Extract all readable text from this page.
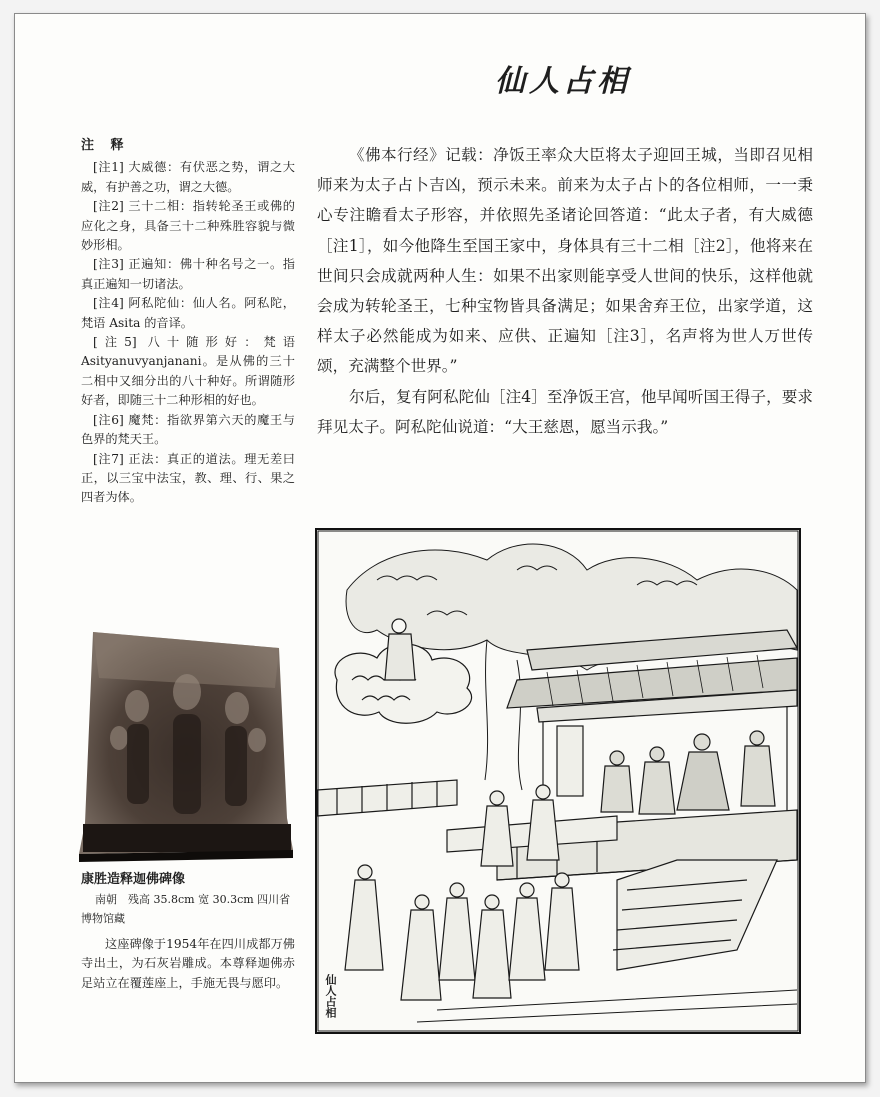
仙人占相
注 释

[注1] 大威德：有伏恶之势，谓之大威，有护善之功，谓之大德。

[注2] 三十二相：指转轮圣王或佛的应化之身，具备三十二种殊胜容貌与微妙形相。

[注3] 正遍知：佛十种名号之一。指真正遍知一切诸法。

[注4] 阿私陀仙：仙人名。阿私陀，梵语 Asita 的音译。

[注5] 八十随形好：梵语 Asityanuvyanjanani。是从佛的三十二相中又细分出的八十种好。所谓随形好者，即随三十二种形相的好也。

[注6] 魔梵：指欲界第六天的魔王与色界的梵天王。

[注7] 正法：真正的道法。理无差曰正，以三宝中法宝，教、理、行、果之四者为体。

康胜造释迦佛碑像
南朝　残高 35.8cm 宽 30.3cm 四川省博物馆藏
这座碑像于1954年在四川成都万佛寺出土，为石灰岩雕成。本尊释迦佛赤足站立在覆莲座上，手施无畏与愿印。

《佛本行经》记载：净饭王率众大臣将太子迎回王城，当即召见相师来为太子占卜吉凶，预示未来。前来为太子占卜的各位相师，一一秉心专注瞻看太子形容，并依照先圣诸论回答道：“此太子者，有大威德［注1］，如今他降生至国王家中，身体具有三十二相［注2］，他将来在世间只会成就两种人生：如果不出家则能享受人世间的快乐，这样他就会成为转轮圣王，七种宝物皆具备满足；如果舍弃王位，出家学道，这样太子必然能成为如来、应供、正遍知［注3］，名声将为世人万世传颂，充满整个世界。”

尔后，复有阿私陀仙［注4］至净饭王宫，他早闻听国王得子，要求拜见太子。阿私陀仙说道：“大王慈恩，愿当示我。”

仙人占相
